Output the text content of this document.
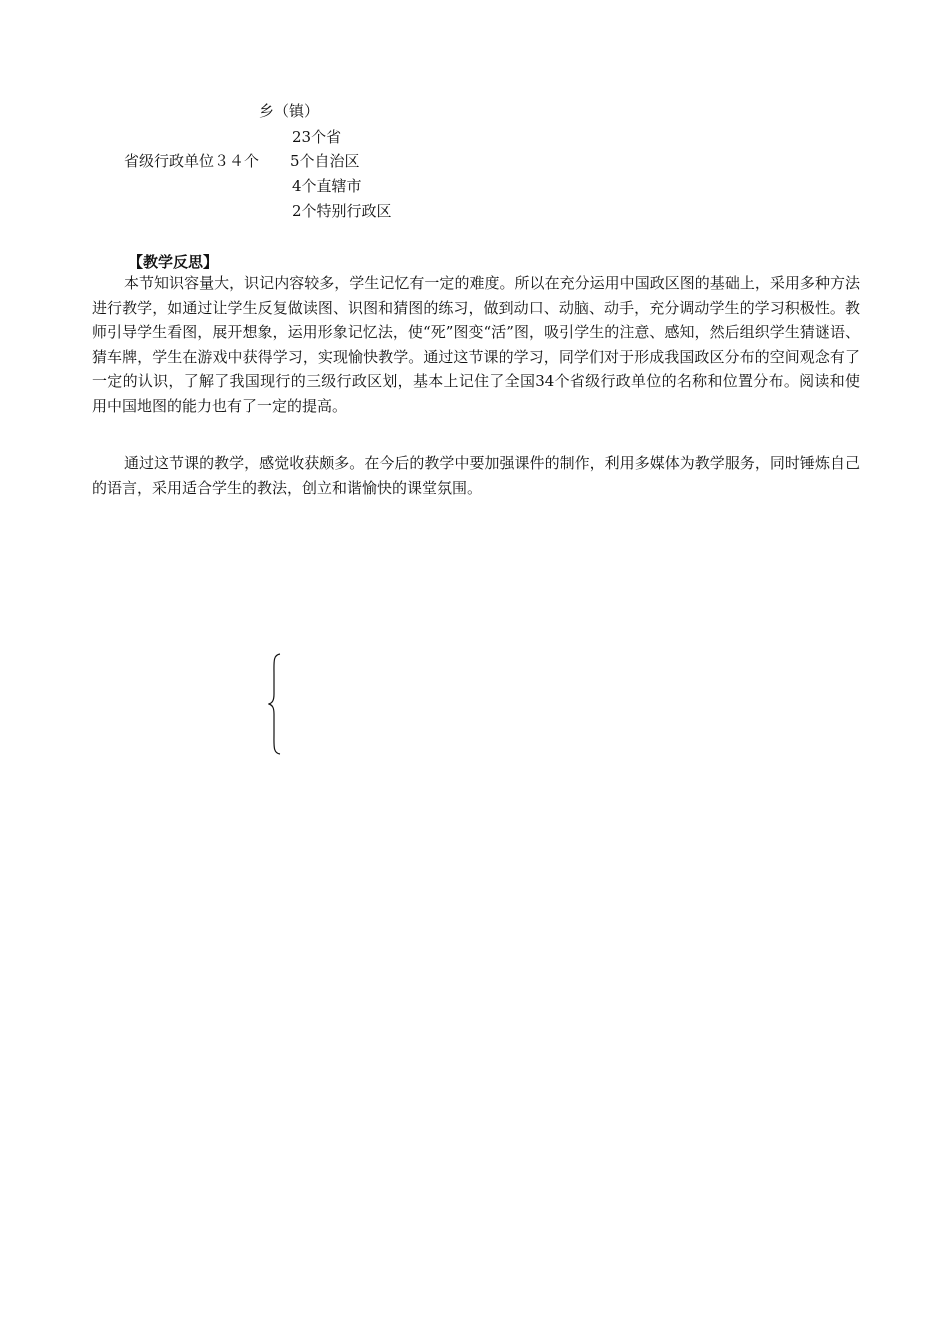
乡（镇）
23个省
省级行政单位３４个 5个自治区
4个直辖市
2个特别行政区
【教学反思】
本节知识容量大，识记内容较多，学生记忆有一定的难度。所以在充分运用中国政区图的基础上，采用多种方法进行教学，如通过让学生反复做读图、识图和猜图的练习，做到动口、动脑、动手，充分调动学生的学习积极性。教师引导学生看图，展开想象，运用形象记忆法，使“死”图变“活”图，吸引学生的注意、感知，然后组织学生猜谜语、猜车牌，学生在游戏中获得学习，实现愉快教学。通过这节课的学习，同学们对于形成我国政区分布的空间观念有了一定的认识，了解了我国现行的三级行政区划，基本上记住了全国34个省级行政单位的名称和位置分布。阅读和使用中国地图的能力也有了一定的提高。
通过这节课的教学，感觉收获颇多。在今后的教学中要加强课件的制作，利用多媒体为教学服务，同时锤炼自己的语言，采用适合学生的教法，创立和谐愉快的课堂氛围。
